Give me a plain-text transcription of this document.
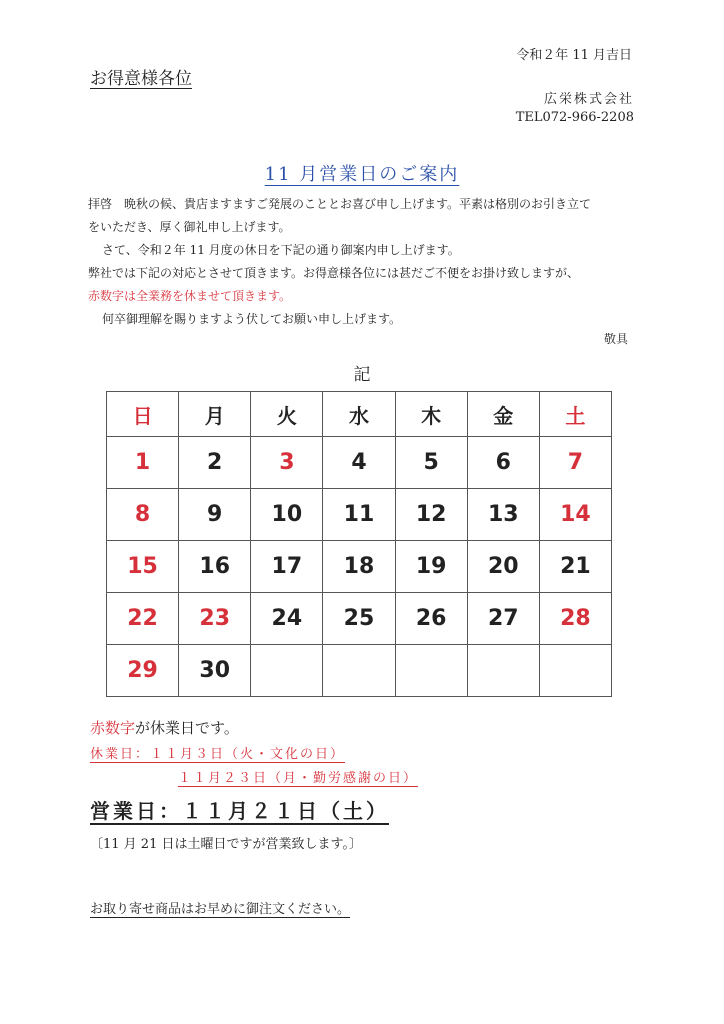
令和２年 11 月吉日
お得意様各位
広栄株式会社
TEL072-966-2208
11 月営業日のご案内
拝啓　晩秋の候、貴店ますますご発展のこととお喜び申し上げます。平素は格別のお引き立て
をいただき、厚く御礼申し上げます。
さて、令和２年 11 月度の休日を下記の通り御案内申し上げます。
弊社では下記の対応とさせて頂きます。お得意様各位には甚だご不便をお掛け致しますが、
赤数字は全業務を休ませて頂きます。
何卒御理解を賜りますよう伏してお願い申し上げます。
敬具
記
日	月	火	水	木	金	土
1	2	3	4	5	6	7
8	9	10	11	12	13	14
15	16	17	18	19	20	21
22	23	24	25	26	27	28
29	30					
赤数字が休業日です。
休業日：１１月３日（火・文化の日）
１１月２３日（月・勤労感謝の日）
営業日：１１月２１日（土）
〔11 月 21 日は土曜日ですが営業致します。〕
お取り寄せ商品はお早めに御注文ください。
